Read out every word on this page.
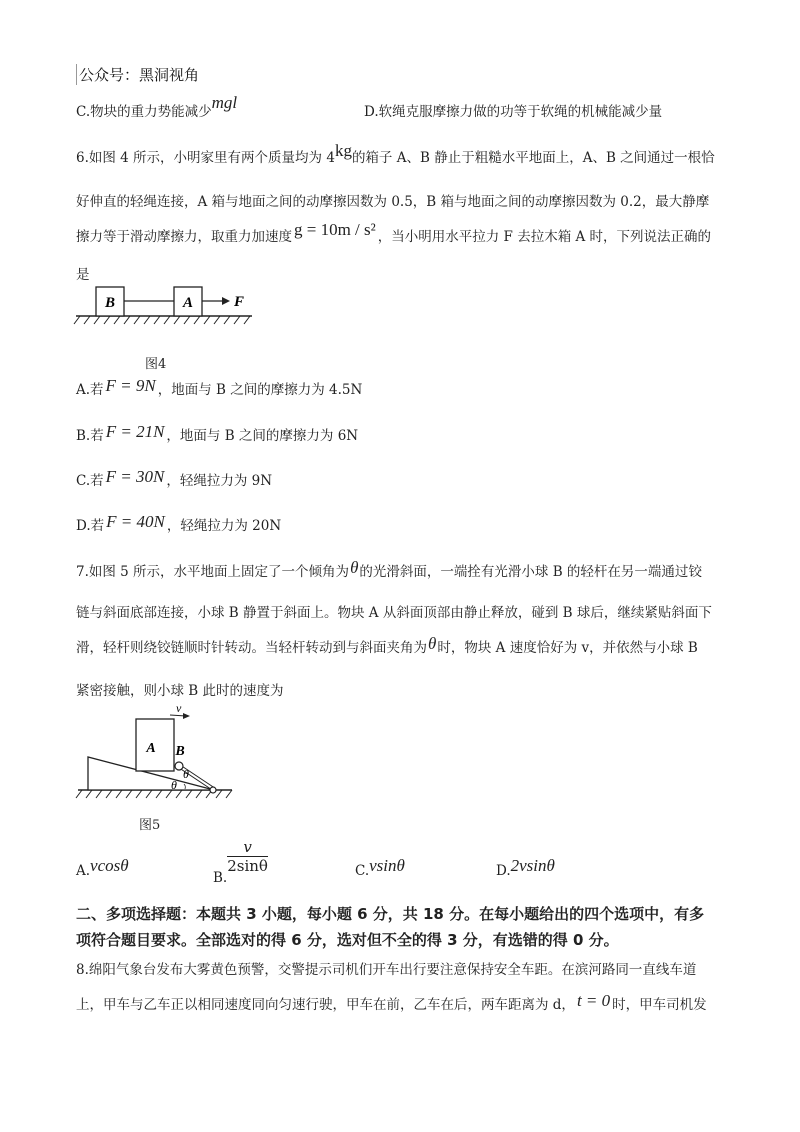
公众号：黑洞视角
C.物块的重力势能减少mgl	D.软绳克服摩擦力做的功等于软绳的机械能减少量
6.如图 4 所示，小明家里有两个质量均为 4kg的箱子 A、B 静止于粗糙水平地面上，A、B 之间通过一根恰
好伸直的轻绳连接，A 箱与地面之间的动摩擦因数为 0.5，B 箱与地面之间的动摩擦因数为 0.2，最大静摩
擦力等于滑动摩擦力，取重力加速度 g = 10m / s² ，当小明用水平拉力 F 去拉木箱 A 时，下列说法正确的
是
B	A	F
图4
A.若 F = 9N ，地面与 B 之间的摩擦力为 4.5N
B.若 F = 21N ，地面与 B 之间的摩擦力为 6N
C.若 F = 30N ，轻绳拉力为 9N
D.若 F = 40N ，轻绳拉力为 20N
7.如图 5 所示，水平地面上固定了一个倾角为θ的光滑斜面，一端拴有光滑小球 B 的轻杆在另一端通过铰
链与斜面底部连接，小球 B 静置于斜面上。物块 A 从斜面顶部由静止释放，碰到 B 球后，继续紧贴斜面下
滑，轻杆则绕铰链顺时针转动。当轻杆转动到与斜面夹角为θ时，物块 A 速度恰好为 v，并依然与小球 B
紧密接触，则小球 B 此时的速度为
A
v
B
θ
θ
图5
A.vcosθ
B.
$\frac{v}{2\sin\theta}$	C.vsinθ	D.2vsinθ
二、多项选择题：本题共 3 小题，每小题 6 分，共 18 分。在每小题给出的四个选项中，有多
项符合题目要求。全部选对的得 6 分，选对但不全的得 3 分，有选错的得 0 分。
8.绵阳气象台发布大雾黄色预警，交警提示司机们开车出行要注意保持安全车距。在滨河路同一直线车道
上，甲车与乙车正以相同速度同向匀速行驶，甲车在前，乙车在后，两车距离为 d， t = 0 时，甲车司机发
